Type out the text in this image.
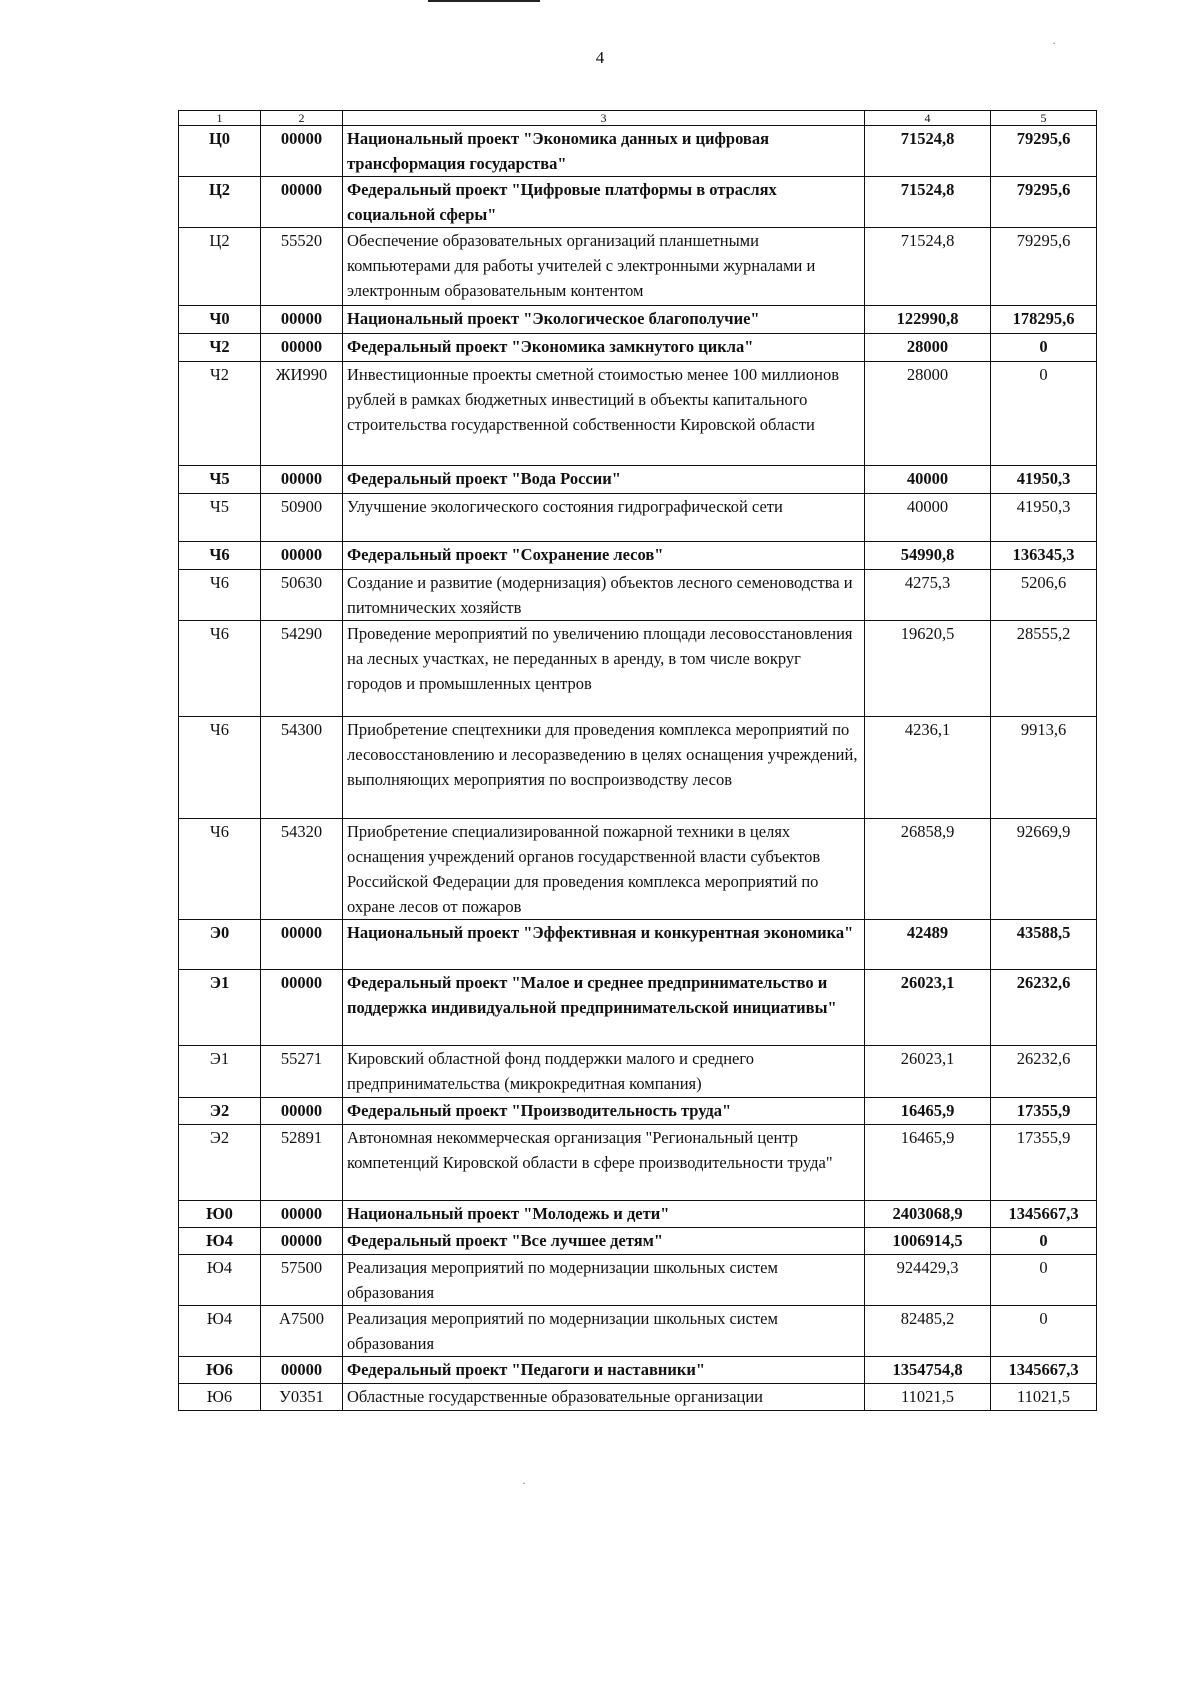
4
1	2	3	4	5
Ц0	00000	Национальный проект "Экономика данных и цифровая трансформация государства"	71524,8	79295,6
Ц2	00000	Федеральный проект "Цифровые платформы в отраслях социальной сферы"	71524,8	79295,6
Ц2	55520	Обеспечение образовательных организаций планшетными компьютерами для работы учителей с электронными журналами и электронным образовательным контентом	71524,8	79295,6
Ч0	00000	Национальный проект "Экологическое благополучие"	122990,8	178295,6
Ч2	00000	Федеральный проект "Экономика замкнутого цикла"	28000	0
Ч2	ЖИ990	Инвестиционные проекты сметной стоимостью менее 100 миллионов рублей в рамках бюджетных инвестиций в объекты капитального строительства государственной собственности Кировской области	28000	0
Ч5	00000	Федеральный проект "Вода России"	40000	41950,3
Ч5	50900	Улучшение экологического состояния гидрографической сети	40000	41950,3
Ч6	00000	Федеральный проект "Сохранение лесов"	54990,8	136345,3
Ч6	50630	Создание и развитие (модернизация) объектов лесного семеноводства и питомнических хозяйств	4275,3	5206,6
Ч6	54290	Проведение мероприятий по увеличению площади лесовосстановления на лесных участках, не переданных в аренду, в том числе вокруг городов и промышленных центров	19620,5	28555,2
Ч6	54300	Приобретение спецтехники для проведения комплекса мероприятий по лесовосстановлению и лесоразведению в целях оснащения учреждений, выполняющих мероприятия по воспроизводству лесов	4236,1	9913,6
Ч6	54320	Приобретение специализированной пожарной техники в целях оснащения учреждений органов государственной власти субъектов Российской Федерации для проведения комплекса мероприятий по охране лесов от пожаров	26858,9	92669,9
Э0	00000	Национальный проект "Эффективная и конкурентная экономика"	42489	43588,5
Э1	00000	Федеральный проект "Малое и среднее предпринимательство и поддержка индивидуальной предпринимательской инициативы"	26023,1	26232,6
Э1	55271	Кировский областной фонд поддержки малого и среднего предпринимательства (микрокредитная компания)	26023,1	26232,6
Э2	00000	Федеральный проект "Производительность труда"	16465,9	17355,9
Э2	52891	Автономная некоммерческая организация "Региональный центр компетенций Кировской области в сфере производительности труда"	16465,9	17355,9
Ю0	00000	Национальный проект "Молодежь и дети"	2403068,9	1345667,3
Ю4	00000	Федеральный проект "Все лучшее детям"	1006914,5	0
Ю4	57500	Реализация мероприятий по модернизации школьных систем образования	924429,3	0
Ю4	А7500	Реализация мероприятий по модернизации школьных систем образования	82485,2	0
Ю6	00000	Федеральный проект "Педагоги и наставники"	1354754,8	1345667,3
Ю6	У0351	Областные государственные образовательные организации	11021,5	11021,5
·
·
